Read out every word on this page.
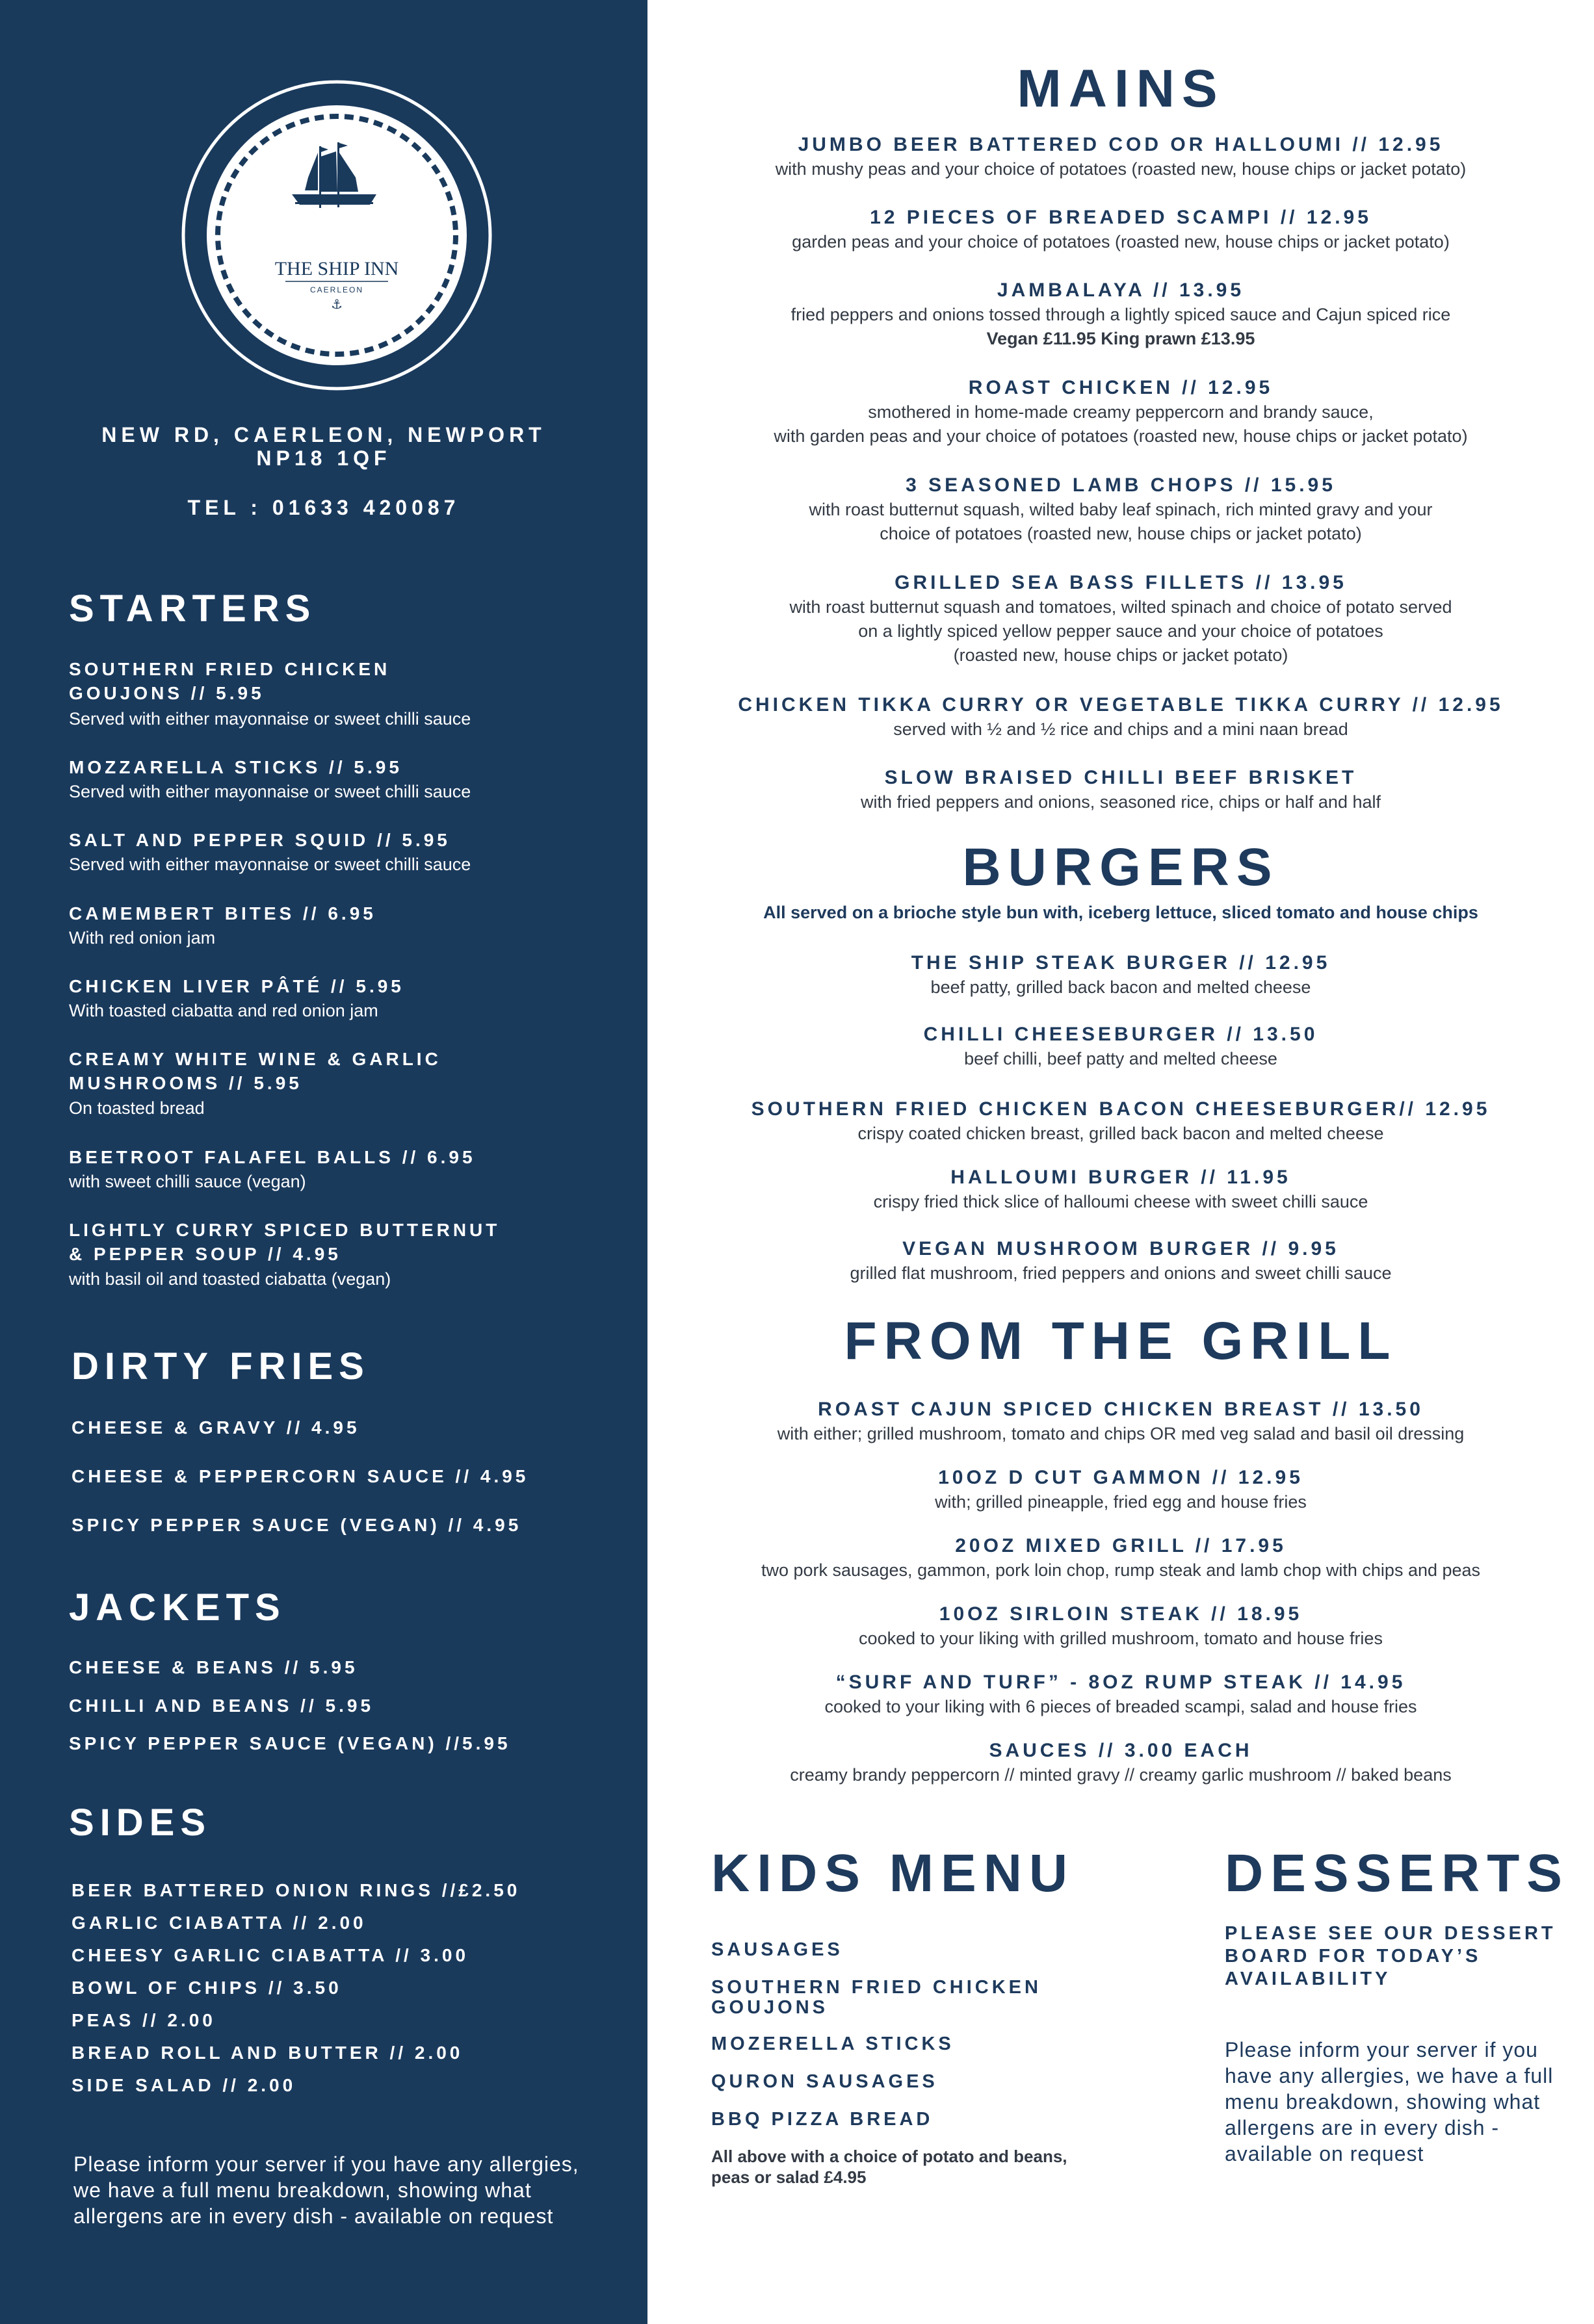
THE SHIP INN
CAERLEON
⚓
NEW RD, CAERLEON, NEWPORT
NP18 1QF
TEL : 01633 420087
STARTERS
SOUTHERN FRIED CHICKEN
GOUJONS // 5.95
Served with either mayonnaise or sweet chilli sauce
MOZZARELLA STICKS // 5.95
Served with either mayonnaise or sweet chilli sauce
SALT AND PEPPER SQUID // 5.95
Served with either mayonnaise or sweet chilli sauce
CAMEMBERT BITES // 6.95
With red onion jam
CHICKEN LIVER PÂTÉ // 5.95
With toasted ciabatta and red onion jam
CREAMY WHITE WINE & GARLIC
MUSHROOMS // 5.95
On toasted bread
BEETROOT FALAFEL BALLS // 6.95
with sweet chilli sauce (vegan)
LIGHTLY CURRY SPICED BUTTERNUT
& PEPPER SOUP // 4.95
with basil oil and toasted ciabatta (vegan)
DIRTY FRIES
CHEESE & GRAVY // 4.95
CHEESE & PEPPERCORN SAUCE // 4.95
SPICY PEPPER SAUCE (VEGAN) // 4.95
JACKETS
CHEESE & BEANS // 5.95
CHILLI AND BEANS // 5.95
SPICY PEPPER SAUCE (VEGAN) //5.95
SIDES
BEER BATTERED ONION RINGS //£2.50
GARLIC CIABATTA // 2.00
CHEESY GARLIC CIABATTA // 3.00
BOWL OF CHIPS // 3.50
PEAS // 2.00
BREAD ROLL AND BUTTER // 2.00
SIDE SALAD // 2.00
Please inform your server if you have any allergies, we have a full menu breakdown, showing what allergens are in every dish - available on request
MAINS
JUMBO BEER BATTERED COD OR HALLOUMI // 12.95
with mushy peas and your choice of potatoes (roasted new, house chips or jacket potato)
12 PIECES OF BREADED SCAMPI // 12.95
garden peas and your choice of potatoes (roasted new, house chips or jacket potato)
JAMBALAYA // 13.95
fried peppers and onions tossed through a lightly spiced sauce and Cajun spiced rice
Vegan £11.95 King prawn £13.95
ROAST CHICKEN // 12.95
smothered in home-made creamy peppercorn and brandy sauce,
with garden peas and your choice of potatoes (roasted new, house chips or jacket potato)
3 SEASONED LAMB CHOPS // 15.95
with roast butternut squash, wilted baby leaf spinach, rich minted gravy and your
choice of potatoes (roasted new, house chips or jacket potato)
GRILLED SEA BASS FILLETS // 13.95
with roast butternut squash and tomatoes, wilted spinach and choice of potato served
on a lightly spiced yellow pepper sauce and your choice of potatoes
(roasted new, house chips or jacket potato)
CHICKEN TIKKA CURRY OR VEGETABLE TIKKA CURRY // 12.95
served with ½ and ½ rice and chips and a mini naan bread
SLOW BRAISED CHILLI BEEF BRISKET
with fried peppers and onions, seasoned rice, chips or half and half
BURGERS
All served on a brioche style bun with, iceberg lettuce, sliced tomato and house chips
THE SHIP STEAK BURGER // 12.95
beef patty, grilled back bacon and melted cheese
CHILLI CHEESEBURGER // 13.50
beef chilli, beef patty and melted cheese
SOUTHERN FRIED CHICKEN BACON CHEESEBURGER// 12.95
crispy coated chicken breast, grilled back bacon and melted cheese
HALLOUMI BURGER // 11.95
crispy fried thick slice of halloumi cheese with sweet chilli sauce
VEGAN MUSHROOM BURGER // 9.95
grilled flat mushroom, fried peppers and onions and sweet chilli sauce
FROM THE GRILL
ROAST CAJUN SPICED CHICKEN BREAST // 13.50
with either; grilled mushroom, tomato and chips OR med veg salad and basil oil dressing
10OZ D CUT GAMMON // 12.95
with; grilled pineapple, fried egg and house fries
20OZ MIXED GRILL // 17.95
two pork sausages, gammon, pork loin chop, rump steak and lamb chop with chips and peas
10OZ SIRLOIN STEAK // 18.95
cooked to your liking with grilled mushroom, tomato and house fries
“SURF AND TURF” - 8OZ RUMP STEAK // 14.95
cooked to your liking with 6 pieces of breaded scampi, salad and house fries
SAUCES // 3.00 EACH
creamy brandy peppercorn // minted gravy // creamy garlic mushroom // baked beans
KIDS MENU
SAUSAGES
SOUTHERN FRIED CHICKEN
GOUJONS
MOZERELLA STICKS
QURON SAUSAGES
BBQ PIZZA BREAD
All above with a choice of potato and beans,
peas or salad £4.95
DESSERTS
PLEASE SEE OUR DESSERT
BOARD FOR TODAY’S
AVAILABILITY
Please inform your server if you have any allergies, we have a full menu breakdown, showing what allergens are in every dish - available on request
